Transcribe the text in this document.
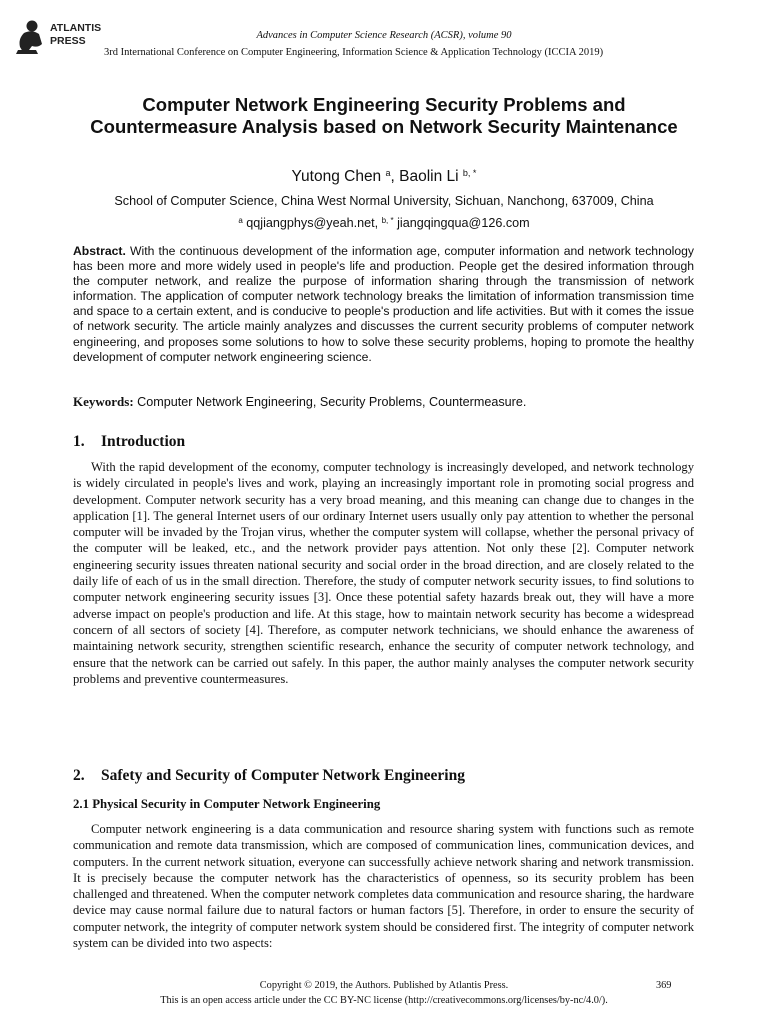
ATLANTIS
PRESS	Advances in Computer Science Research (ACSR), volume 90
3rd International Conference on Computer Engineering, Information Science & Application Technology (ICCIA 2019)
Computer Network Engineering Security Problems and Countermeasure Analysis based on Network Security Maintenance
Yutong Chen $^a$, Baolin Li $^{b, *}$
School of Computer Science, China West Normal University, Sichuan, Nanchong, 637009, China
$^a$ qqjiangphys@yeah.net, $^{b, *}$ jiangqingqua@126.com
Abstract. With the continuous development of the information age, computer information and network technology has been more and more widely used in people's life and production. People get the desired information through the computer network, and realize the purpose of information sharing through the transmission of network information. The application of computer network technology breaks the limitation of information transmission time and space to a certain extent, and is conducive to people's production and life activities. But with it comes the issue of network security. The article mainly analyzes and discusses the current security problems of computer network engineering, and proposes some solutions to how to solve these security problems, hoping to promote the healthy development of computer network engineering science.
Keywords: Computer Network Engineering, Security Problems, Countermeasure.
1. Introduction
With the rapid development of the economy, computer technology is increasingly developed, and network technology is widely circulated in people's lives and work, playing an increasingly important role in promoting social progress and development. Computer network security has a very broad meaning, and this meaning can change due to changes in the application [1]. The general Internet users of our ordinary Internet users usually only pay attention to whether the personal computer will be invaded by the Trojan virus, whether the computer system will collapse, whether the personal privacy of the computer will be leaked, etc., and the network provider pays attention. Not only these [2]. Computer network engineering security issues threaten national security and social order in the broad direction, and are closely related to the daily life of each of us in the small direction. Therefore, the study of computer network security issues, to find solutions to computer network engineering security issues [3]. Once these potential safety hazards break out, they will have a more adverse impact on people's production and life. At this stage, how to maintain network security has become a widespread concern of all sectors of society [4]. Therefore, as computer network technicians, we should enhance the awareness of maintaining network security, strengthen scientific research, enhance the security of computer network technology, and ensure that the network can be carried out safely. In this paper, the author mainly analyses the computer network security problems and preventive countermeasures.
2. Safety and Security of Computer Network Engineering
2.1 Physical Security in Computer Network Engineering
Computer network engineering is a data communication and resource sharing system with functions such as remote communication and remote data transmission, which are composed of communication lines, communication devices, and computers. In the current network situation, everyone can successfully achieve network sharing and network transmission. It is precisely because the computer network has the characteristics of openness, so its security problem has been challenged and threatened. When the computer network completes data communication and resource sharing, the hardware device may cause normal failure due to natural factors or human factors [5]. Therefore, in order to ensure the security of computer network, the integrity of computer network system should be considered first. The integrity of computer network system can be divided into two aspects:
Copyright © 2019, the Authors. Published by Atlantis Press.	369
This is an open access article under the CC BY-NC license (http://creativecommons.org/licenses/by-nc/4.0/).
